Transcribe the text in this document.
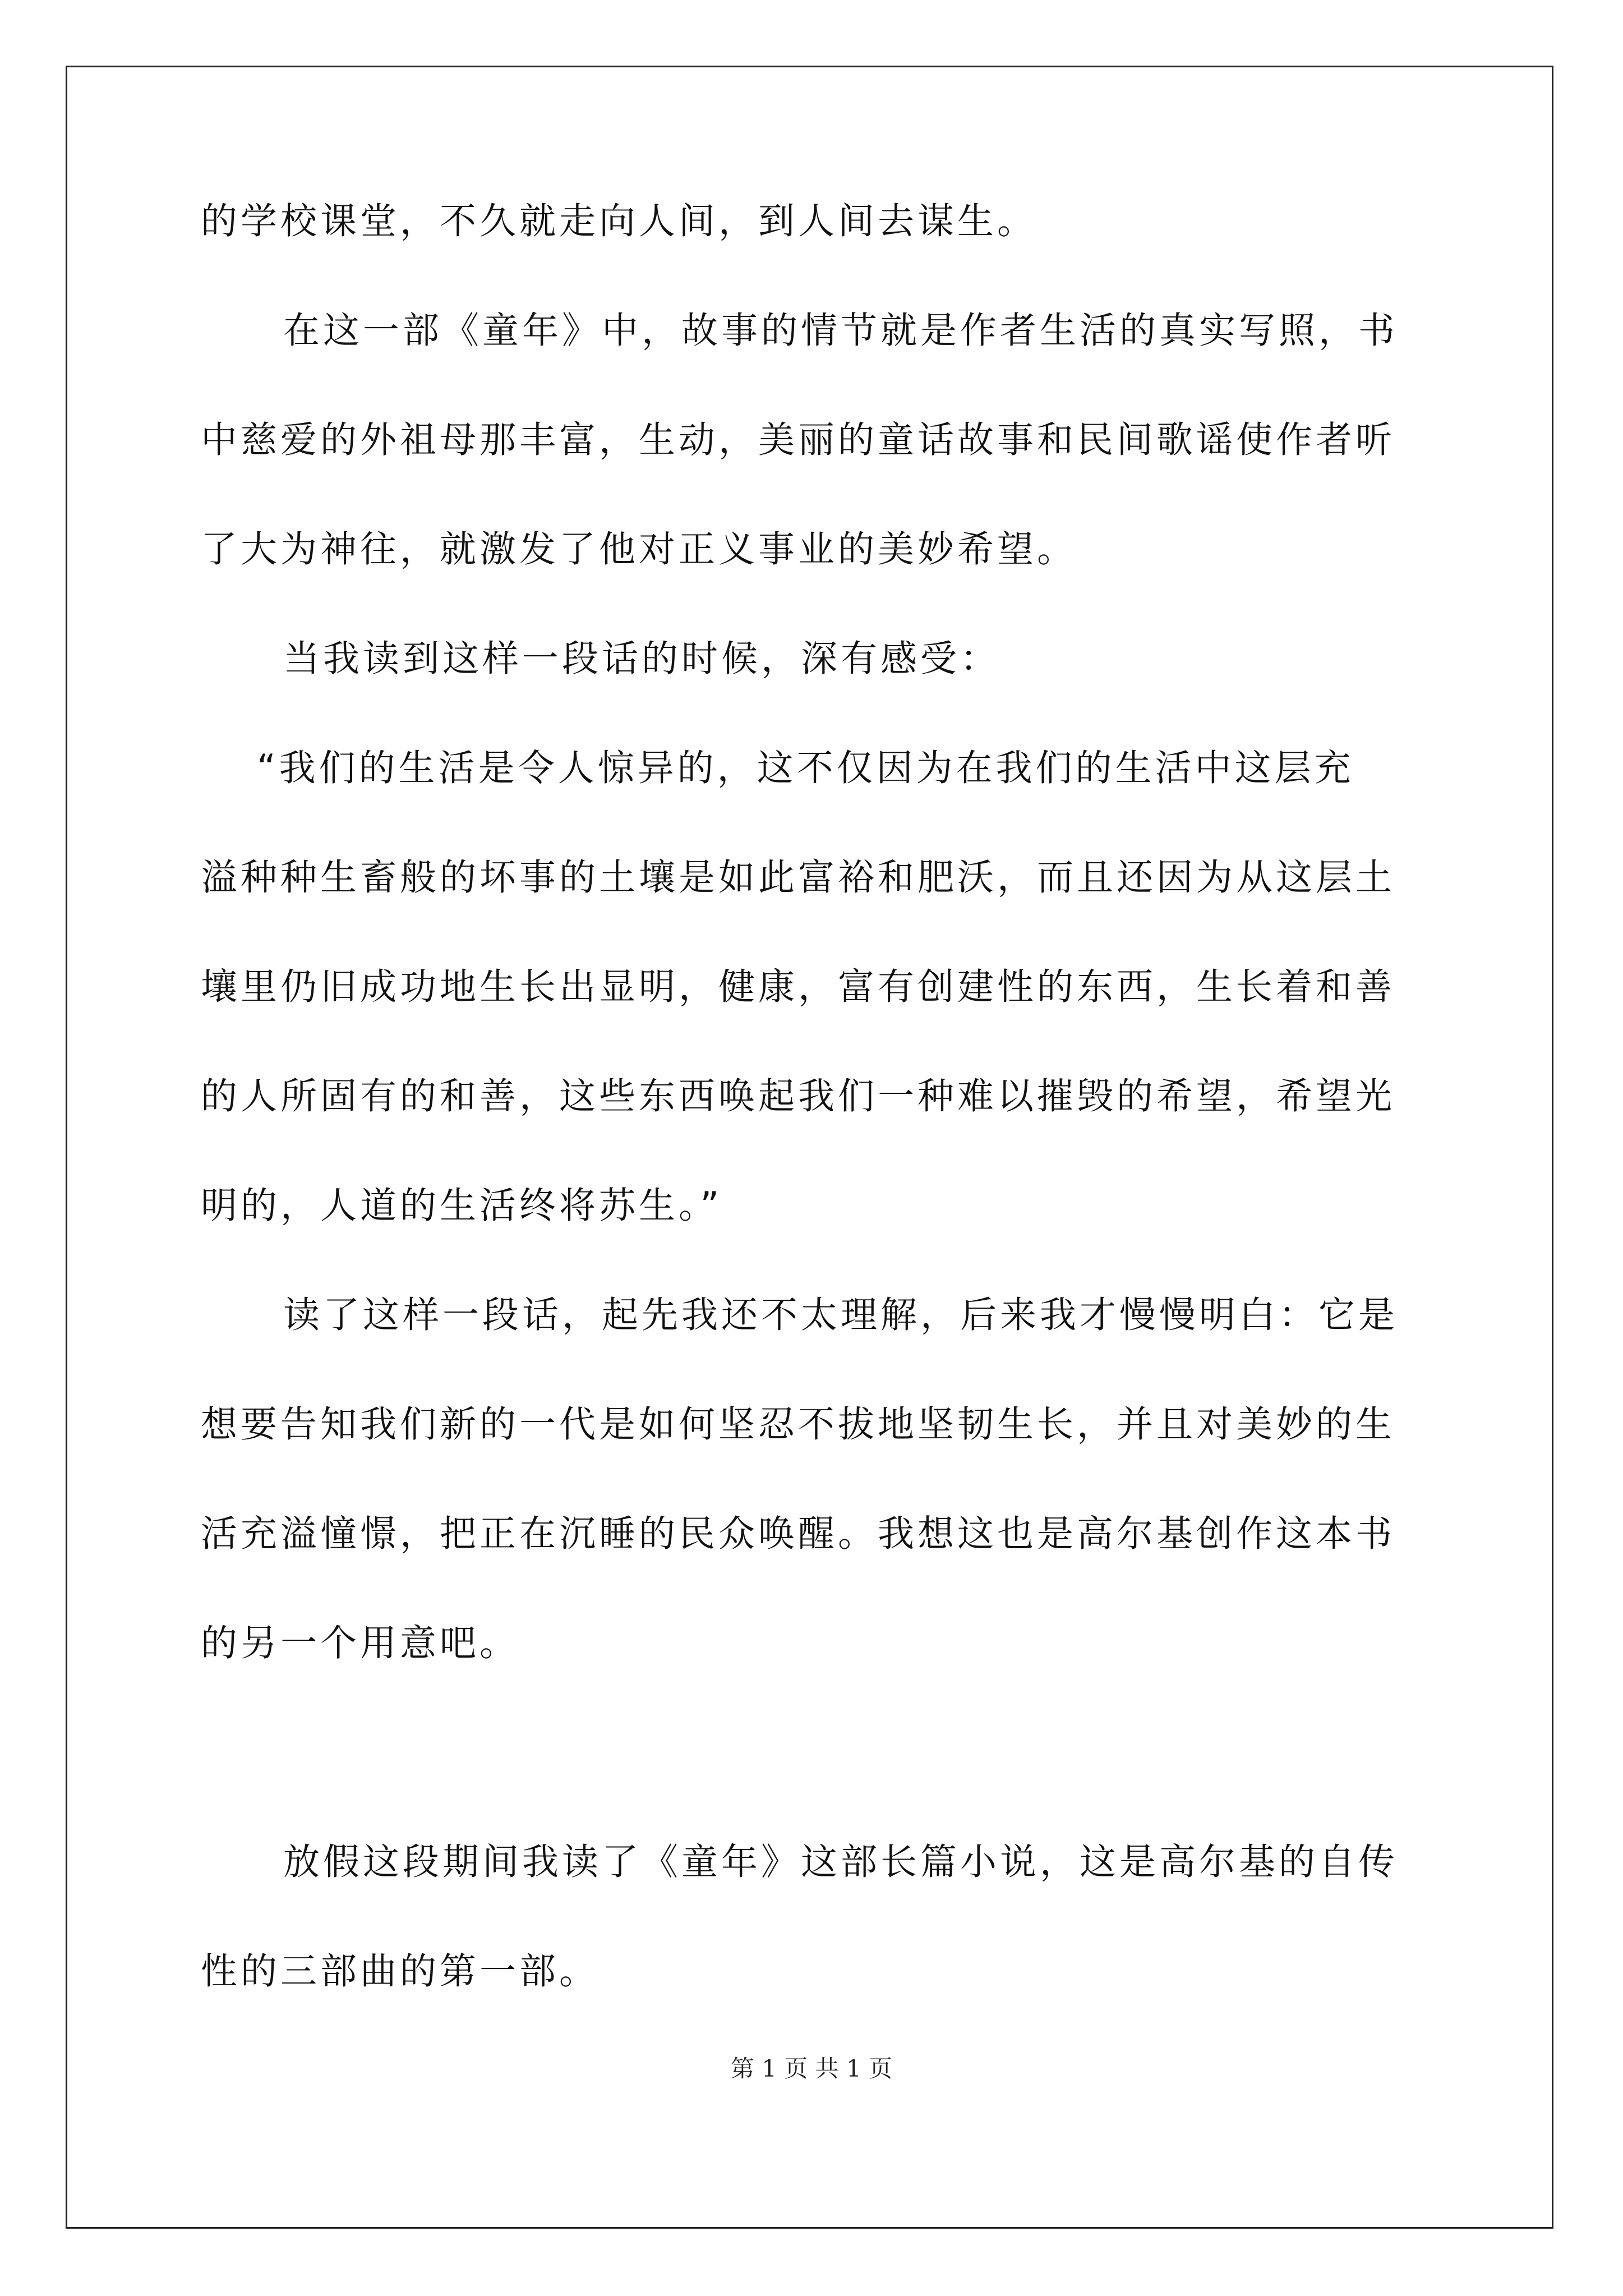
的学校课堂，不久就走向人间，到人间去谋生。
在这一部《童年》中，故事的情节就是作者生活的真实写照，书
中慈爱的外祖母那丰富，生动，美丽的童话故事和民间歌谣使作者听
了大为神往，就激发了他对正义事业的美妙希望。
当我读到这样一段话的时候，深有感受：
“我们的生活是令人惊异的，这不仅因为在我们的生活中这层充
溢种种生畜般的坏事的土壤是如此富裕和肥沃，而且还因为从这层土
壤里仍旧成功地生长出显明，健康，富有创建性的东西，生长着和善
的人所固有的和善，这些东西唤起我们一种难以摧毁的希望，希望光
明的，人道的生活终将苏生。”
读了这样一段话，起先我还不太理解，后来我才慢慢明白：它是
想要告知我们新的一代是如何坚忍不拔地坚韧生长，并且对美妙的生
活充溢憧憬，把正在沉睡的民众唤醒。我想这也是高尔基创作这本书
的另一个用意吧。
放假这段期间我读了《童年》这部长篇小说，这是高尔基的自传
性的三部曲的第一部。
第 1 页 共 1 页
